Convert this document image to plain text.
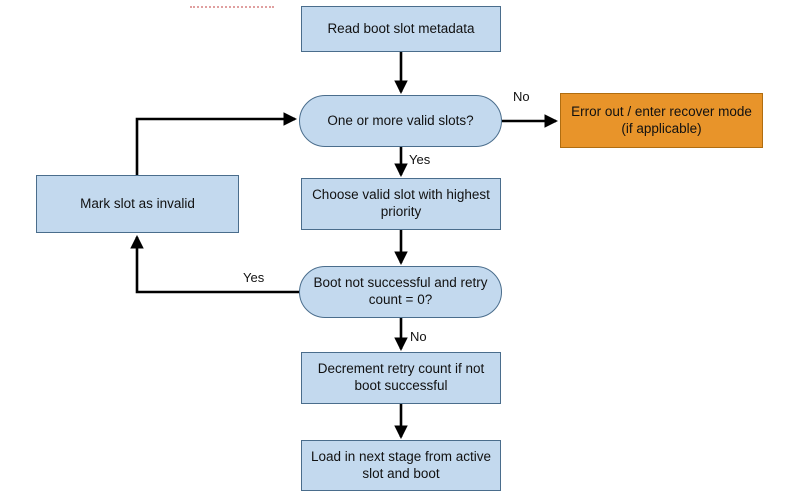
Read boot slot metadata
One or more valid slots?
Error out / enter recover mode (if applicable)
Choose valid slot with highest priority
Mark slot as invalid
Boot not successful and retry count = 0?
Decrement retry count if not boot successful
Load in next stage from active slot and boot
No
Yes
Yes
No
